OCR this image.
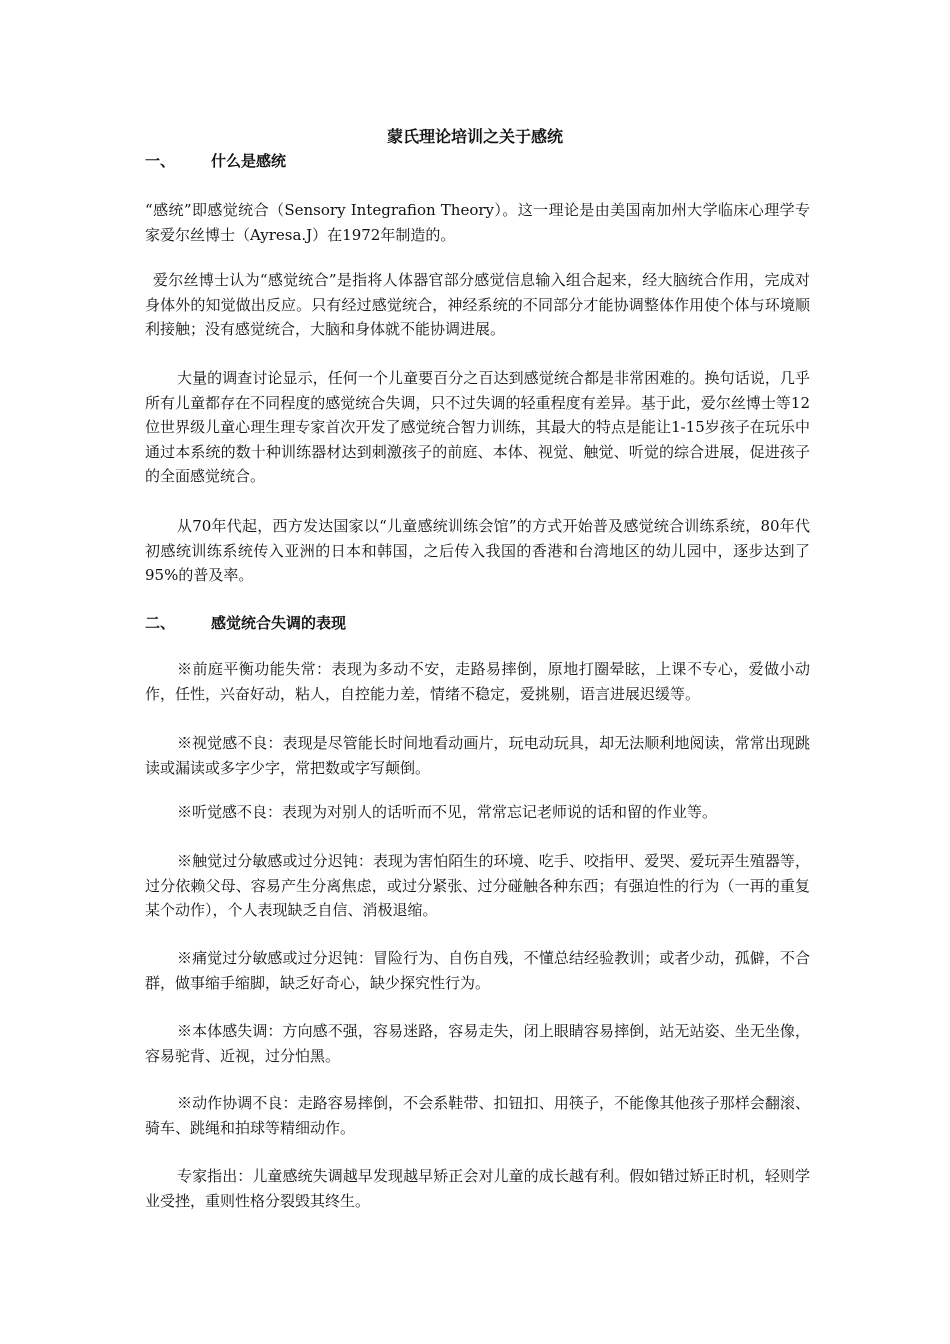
蒙氏理论培训之关于感统
一、 什么是感统
“感统”即感觉统合（Sensory Integrafion Theory）。这一理论是由美国南加州大学临床心理学专家爱尔丝博士（Ayresa.J）在1972年制造的。
爱尔丝博士认为“感觉统合”是指将人体器官部分感觉信息输入组合起来，经大脑统合作用，完成对身体外的知觉做出反应。只有经过感觉统合，神经系统的不同部分才能协调整体作用使个体与环境顺利接触；没有感觉统合，大脑和身体就不能协调进展。
大量的调查讨论显示，任何一个儿童要百分之百达到感觉统合都是非常困难的。换句话说，几乎所有儿童都存在不同程度的感觉统合失调，只不过失调的轻重程度有差异。基于此，爱尔丝博士等12位世界级儿童心理生理专家首次开发了感觉统合智力训练，其最大的特点是能让1-15岁孩子在玩乐中通过本系统的数十种训练器材达到刺激孩子的前庭、本体、视觉、触觉、听觉的综合进展，促进孩子的全面感觉统合。
从70年代起，西方发达国家以“儿童感统训练会馆”的方式开始普及感觉统合训练系统，80年代初感统训练系统传入亚洲的日本和韩国，之后传入我国的香港和台湾地区的幼儿园中，逐步达到了95%的普及率。
二、 感觉统合失调的表现
※前庭平衡功能失常：表现为多动不安，走路易摔倒，原地打圈晕眩，上课不专心，爱做小动作，任性，兴奋好动，粘人，自控能力差，情绪不稳定，爱挑剔，语言进展迟缓等。
※视觉感不良：表现是尽管能长时间地看动画片，玩电动玩具，却无法顺利地阅读，常常出现跳读或漏读或多字少字，常把数或字写颠倒。
※听觉感不良：表现为对别人的话听而不见，常常忘记老师说的话和留的作业等。
※触觉过分敏感或过分迟钝：表现为害怕陌生的环境、吃手、咬指甲、爱哭、爱玩弄生殖器等，过分依赖父母、容易产生分离焦虑，或过分紧张、过分碰触各种东西；有强迫性的行为（一再的重复某个动作），个人表现缺乏自信、消极退缩。
※痛觉过分敏感或过分迟钝：冒险行为、自伤自残，不懂总结经验教训；或者少动，孤僻，不合群，做事缩手缩脚，缺乏好奇心，缺少探究性行为。
※本体感失调：方向感不强，容易迷路，容易走失，闭上眼睛容易摔倒，站无站姿、坐无坐像，容易驼背、近视，过分怕黑。
※动作协调不良：走路容易摔倒，不会系鞋带、扣钮扣、用筷子，不能像其他孩子那样会翻滚、骑车、跳绳和拍球等精细动作。
专家指出：儿童感统失调越早发现越早矫正会对儿童的成长越有利。假如错过矫正时机，轻则学业受挫，重则性格分裂毁其终生。
